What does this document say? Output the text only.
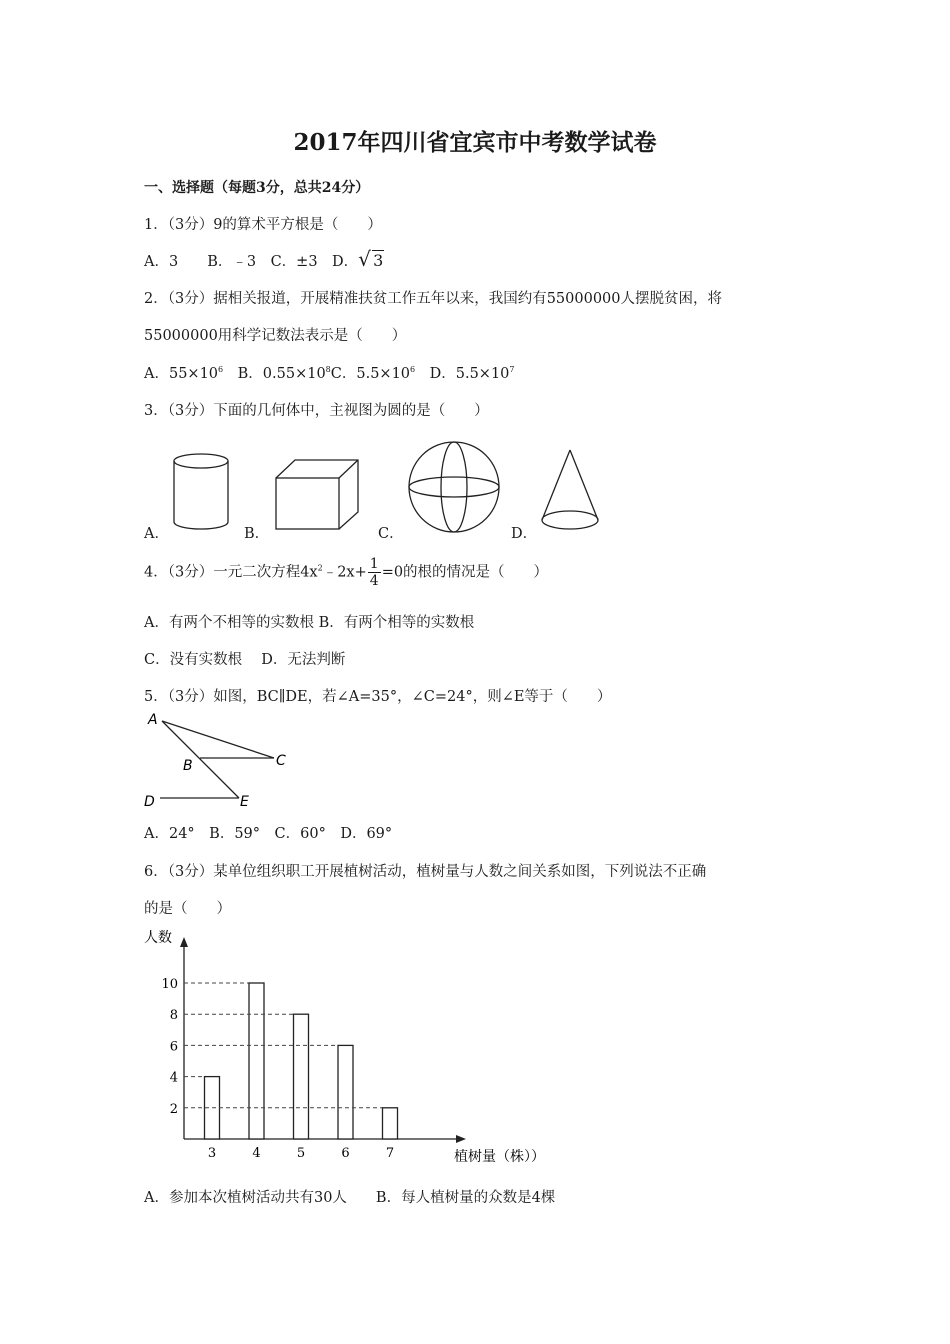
2017年四川省宜宾市中考数学试卷
一、选择题（每题3分，总共24分）
1．（3分）9的算术平方根是（　　）
A．3　　B．﹣3　C．±3　D． √ 3
2．（3分）据相关报道，开展精准扶贫工作五年以来，我国约有55000000人摆脱贫困，将
55000000用科学记数法表示是（　　）
A．$55\times 10^6$　B．$0.55\times 10^8C$．$5.5\times 10^6$　D．$5.5\times 10^7$
3．（3分）下面的几何体中，主视图为圆的是（　　）
A．	B．	C．	D．
4．（3分）一元二次方程$4x^2﹣2x+ \frac{1}{4} =0$的根的情况是（　　）
A．有两个不相等的实数根 B．有两个相等的实数根
C．没有实数根　 D．无法判断
5．（3分）如图，BC∥DE，若∠A=35°，∠C=24°，则∠E等于（　　）
A
B	C
D	E
A．24°　B．59°　C．60°　D．69°
6．（3分）某单位组织职工开展植树活动，植树量与人数之间关系如图，下列说法不正确
的是（　　）
人数
植树量（株））
2
4
6
8
10
3	4	5	6	7
A．参加本次植树活动共有30人　　B．每人植树量的众数是4棵
